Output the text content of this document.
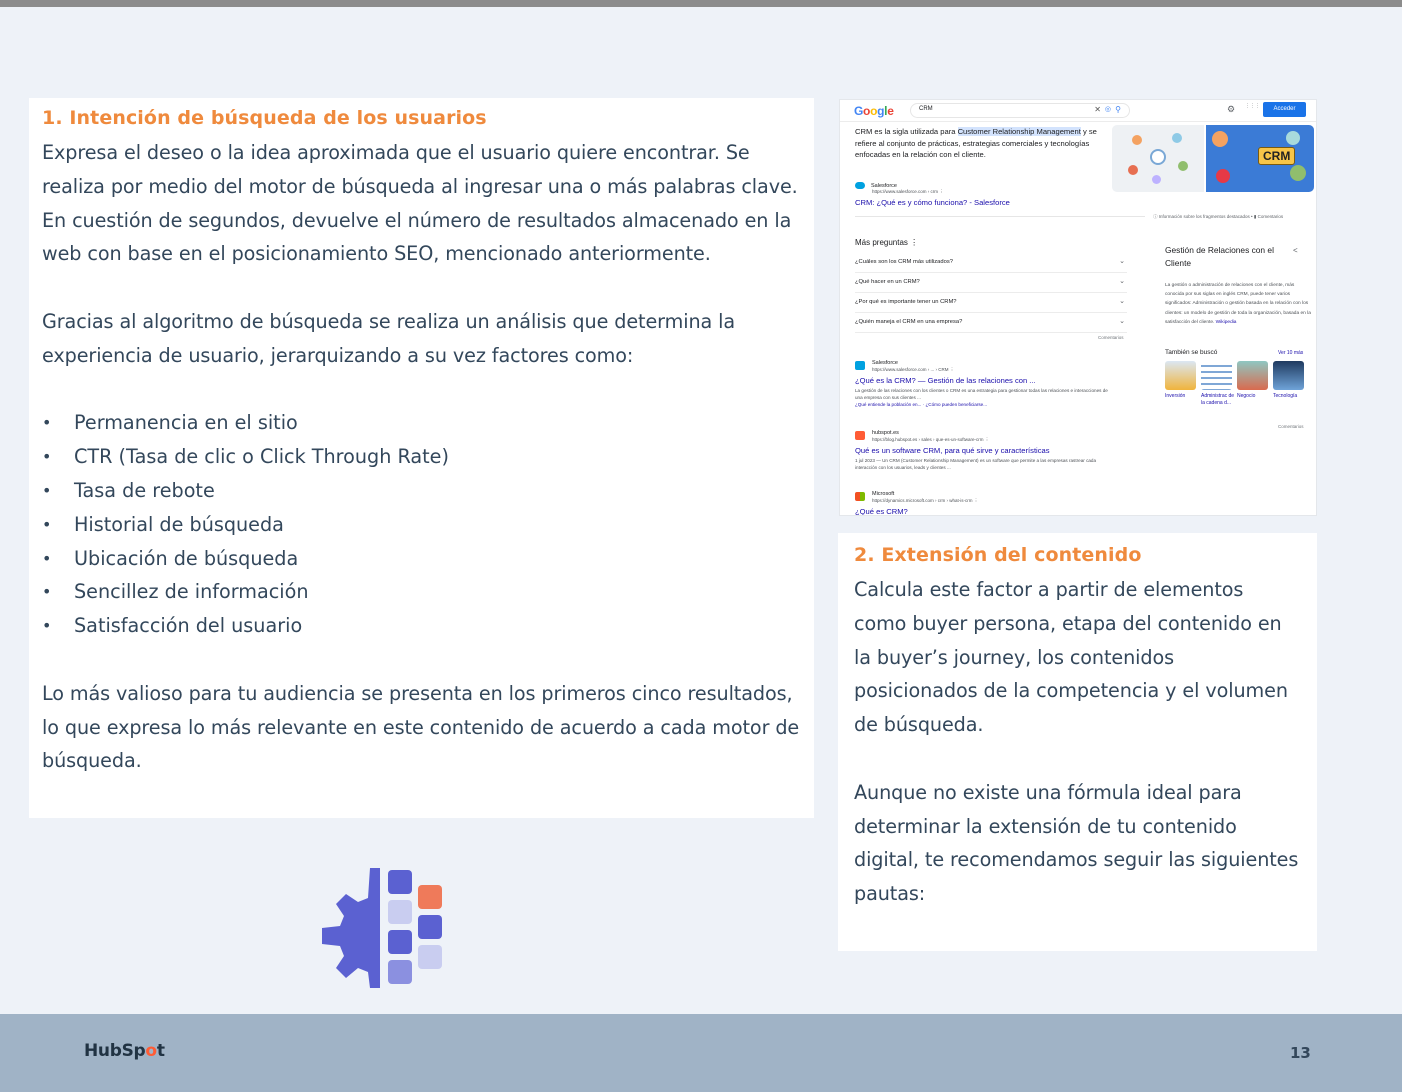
1. Intención de búsqueda de los usuarios

Expresa el deseo o la idea aproximada que el usuario quiere encontrar. Se realiza por medio del motor de búsqueda al ingresar una o más palabras clave. En cuestión de segundos, devuelve el número de resultados almacenado en la web con base en el posicionamiento SEO, mencionado anteriormente.

Gracias al algoritmo de búsqueda se realiza un análisis que determina la experiencia de usuario, jerarquizando a su vez factores como:

• Permanencia en el sitio
• CTR (Tasa de clic o Click Through Rate)
• Tasa de rebote
• Historial de búsqueda
• Ubicación de búsqueda
• Sencillez de información
• Satisfacción del usuario

Lo más valioso para tu audiencia se presenta en los primeros cinco resultados, lo que expresa lo más relevante en este contenido de acuerdo a cada motor de búsqueda.

Google	CRM	✕ ◎ ⚲	⚙ ⋮⋮⋮	Acceder
CRM es la sigla utilizada para Customer Relationship Management y se refiere al conjunto de prácticas, estrategias comerciales y tecnologías enfocadas en la relación con el cliente.	CRM
Salesforce
https://www.salesforce.com › crm ⋮
CRM: ¿Qué es y cómo funciona? - Salesforce
ⓘ Información sobre los fragmentos destacados • ▮ Comentarios
Más preguntas ⋮
¿Cuáles son los CRM más utilizados?	⌄
¿Qué hacer en un CRM?	⌄
¿Por qué es importante tener un CRM?	⌄
¿Quién maneja el CRM en una empresa?	⌄
Comentarios
Salesforce
https://www.salesforce.com › ... › CRM ⋮
¿Qué es la CRM? — Gestión de las relaciones con ...
La gestión de las relaciones con los clientes o CRM es una estrategia para gestionar todas las relaciones e interacciones de una empresa con sus clientes ...
¿Qué entiende la población en... · ¿Cómo pueden beneficiarse...
hubspot.es
https://blog.hubspot.es › sales › que-es-un-software-crm ⋮
Qué es un software CRM, para qué sirve y características
1 jul 2023 — Un CRM (Customer Relationship Management) es un software que permite a las empresas rastrear cada interacción con los usuarios, leads y clientes ...
Microsoft
https://dynamics.microsoft.com › crm › what-is-crm ⋮
¿Qué es CRM?
Gestión de Relaciones con el Cliente
<
La gestión o administración de relaciones con el cliente, más conocida por sus siglas en inglés CRM, puede tener varios significados: Administración o gestión basada en la relación con los clientes: un modelo de gestión de toda la organización, basada en la satisfacción del cliente. Wikipedia
También se buscó	Ver 10 más
Inversión	Administrac de la cadena d...
Negocio	Tecnología
Comentarios
2. Extensión del contenido

Calcula este factor a partir de elementos como buyer persona, etapa del contenido en la buyer’s journey, los contenidos posicionados de la competencia y el volumen de búsqueda.

Aunque no existe una fórmula ideal para determinar la extensión de tu contenido digital, te recomendamos seguir las siguientes pautas:

HubSpot	13
